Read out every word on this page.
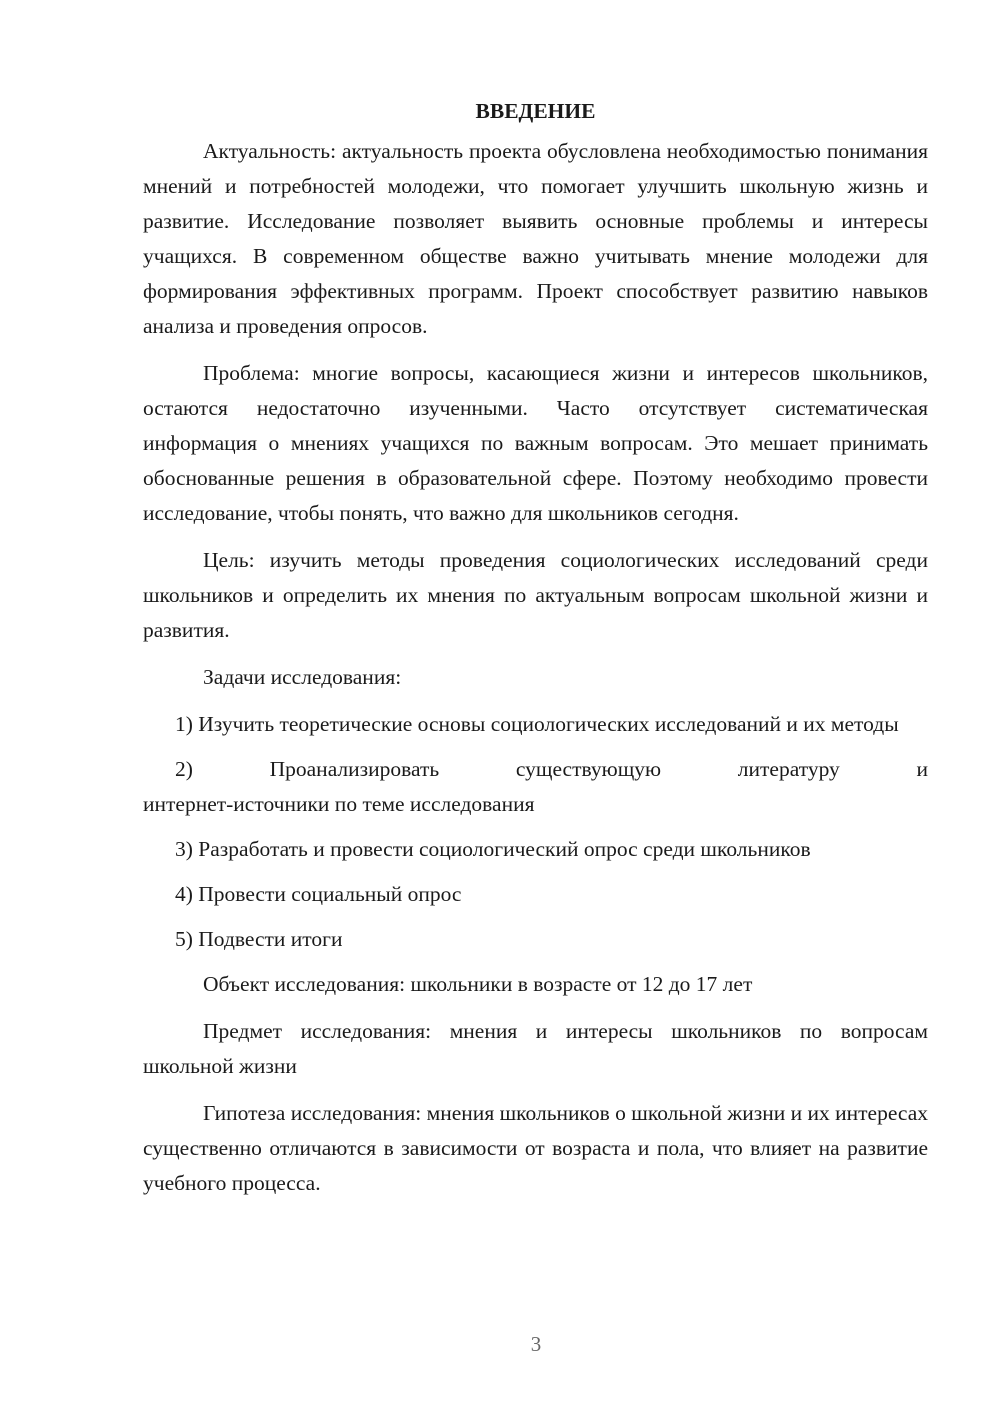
ВВЕДЕНИЕ

Актуальность: актуальность проекта обусловлена необходимостью понимания мнений и потребностей молодежи, что помогает улучшить школьную жизнь и развитие. Исследование позволяет выявить основные проблемы и интересы учащихся. В современном обществе важно учитывать мнение молодежи для формирования эффективных программ. Проект способствует развитию навыков анализа и проведения опросов.

Проблема: многие вопросы, касающиеся жизни и интересов школьников, остаются недостаточно изученными. Часто отсутствует систематическая информация о мнениях учащихся по важным вопросам. Это мешает принимать обоснованные решения в образовательной сфере. Поэтому необходимо провести исследование, чтобы понять, что важно для школьников сегодня.

Цель: изучить методы проведения социологических исследований среди школьников и определить их мнения по актуальным вопросам школьной жизни и развития.

Задачи исследования:

1) Изучить теоретические основы социологических исследований и их методы
2) Проанализировать существующую литературу и
интернет-источники по теме исследования
3) Разработать и провести социологический опрос среди школьников
4) Провести социальный опрос
5) Подвести итоги

Объект исследования: школьники в возрасте от 12 до 17 лет

Предмет исследования: мнения и интересы школьников по вопросам школьной жизни

Гипотеза исследования: мнения школьников о школьной жизни и их интересах существенно отличаются в зависимости от возраста и пола, что влияет на развитие учебного процесса.

3
